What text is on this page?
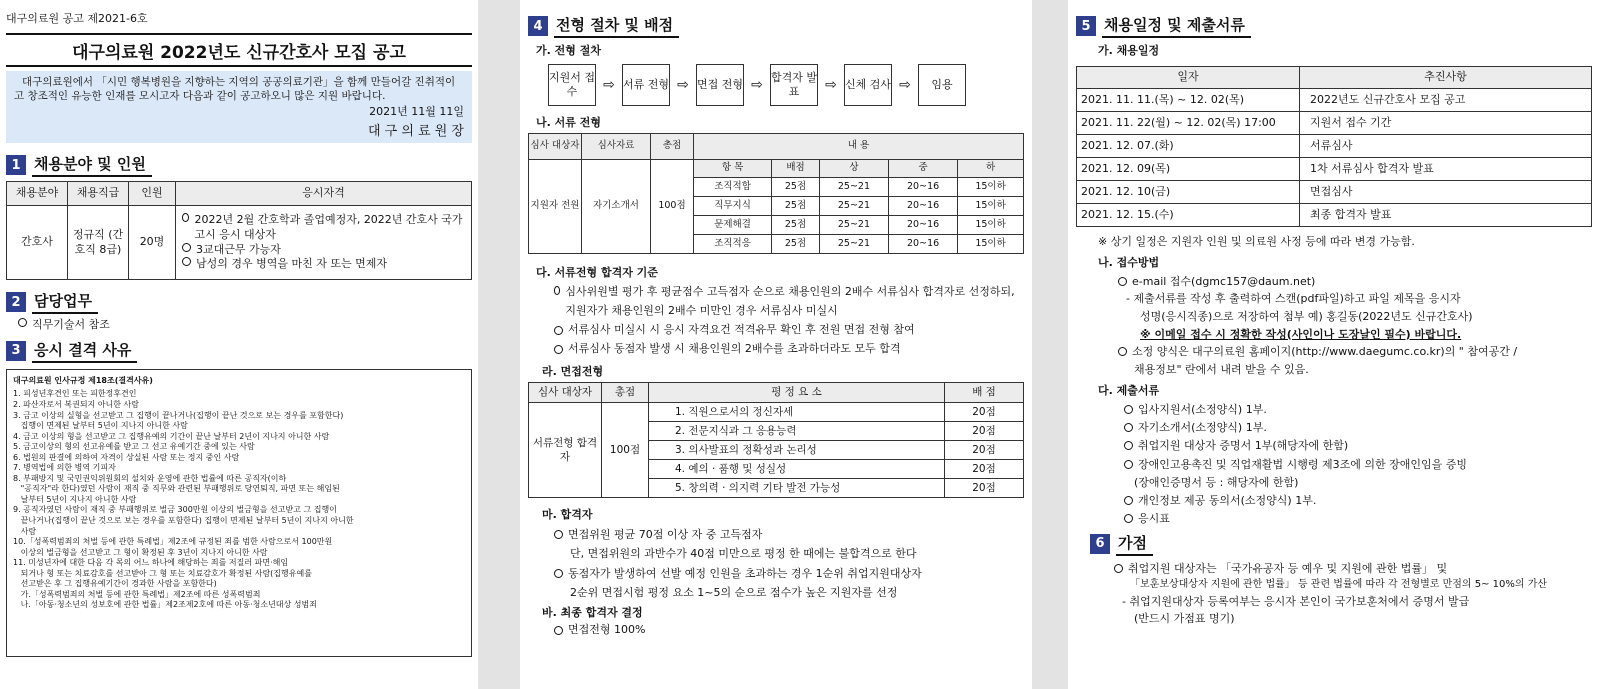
대구의료원 공고 제2021-6호
대구의료원 2022년도 신규간호사 모집 공고
대구의료원에서 「시민 행복병원을 지향하는 지역의 공공의료기관」을 함께 만들어갈 진취적이고 창조적인 유능한 인재를 모시고자 다음과 같이 공고하오니 많은 지원 바랍니다.
2021년 11월 11일
대 구 의 료 원 장
1 채용분야 및 인원
채용분야	채용직급	인원	응시자격
간호사	정규직 (간호직 8급)	20명	2022년 2월 간호학과 졸업예정자, 2022년 간호사 국가고시 응시 대상자
3교대근무 가능자
남성의 경우 병역을 마친 자 또는 면제자
2 담당업무
직무기술서 참조
3 응시 결격 사유
대구의료원 인사규정 제18조(결격사유)
1. 피성년후견인 또는 피한정후견인
2. 파산자로서 복권되지 아니한 사람
3. 금고 이상의 실형을 선고받고 그 집행이 끝나거나(집행이 끝난 것으로 보는 경우를 포함한다)
집행이 면제된 날부터 5년이 지나지 아니한 사람
4. 금고 이상의 형을 선고받고 그 집행유예의 기간이 끝난 날부터 2년이 지나지 아니한 사람
5. 금고이상의 형의 선고유예를 받고 그 선고 유예기간 중에 있는 사람
6. 법원의 판결에 의하여 자격이 상실된 사람 또는 정지 중인 사람
7. 병역법에 의한 병역 기피자
8. 부패방지 및 국민권익위원회의 설치와 운영에 관한 법률에 따른 공직자(이하
"공직자"라 한다)였던 사람이 재직 중 직무와 관련된 부패행위로 당연퇴직, 파면 또는 해임된
날부터 5년이 지나지 아니한 사람
9. 공직자였던 사람이 재직 중 부패행위로 벌금 300만원 이상의 벌금형을 선고받고 그 집행이
끝나거나(집행이 끝난 것으로 보는 경우를 포함한다) 집행이 면제된 날부터 5년이 지나지 아니한
사람
10.「성폭력범죄의 처벌 등에 관한 특례법」제2조에 규정된 죄를 범한 사람으로서 100만원
이상의 벌금형을 선고받고 그 형이 확정된 후 3년이 지나지 아니한 사람
11. 미성년자에 대한 다음 각 목의 어느 하나에 해당하는 죄를 저질러 파면·해임
되거나 형 또는 치료감호를 선고받아 그 형 또는 치료감호가 확정된 사람(집행유예를
선고받은 후 그 집행유예기간이 경과한 사람을 포함한다)
가.「성폭력범죄의 처벌 등에 관한 특례법」제2조에 따른 성폭력범죄
나.「아동·청소년의 성보호에 관한 법률」제2조제2호에 따른 아동·청소년대상 성범죄
4 전형 절차 및 배점
가. 전형 절차
지원서 접수	⇨ 서류 전형 ⇨ 면접 전형 ⇨ 합격자 발표	⇨ 신체 검사 ⇨	임용
나. 서류 전형
심사 대상자	심사자료	총점	내 용				
지원자 전원	자기소개서	100점	항 목	배점	상	중	하
			조직적합	25점	25~21	20~16	15이하
			직무지식	25점	25~21	20~16	15이하
			문제해결	25점	25~21	20~16	15이하
			조직적응	25점	25~21	20~16	15이하
다. 서류전형 합격자 기준
심사위원별 평가 후 평균점수 고득점자 순으로 채용인원의 2배수 서류심사 합격자로 선정하되, 지원자가 채용인원의 2배수 미만인 경우 서류심사 미실시
서류심사 미실시 시 응시 자격요건 적격유무 확인 후 전원 면접 전형 참여
서류심사 동점자 발생 시 채용인원의 2배수를 초과하더라도 모두 합격
라. 면접전형
심사 대상자	총점	평 정 요 소	배 점
서류전형 합격자	100점	1. 직원으로서의 정신자세	20점
		2. 전문지식과 그 응용능력	20점
		3. 의사발표의 정확성과 논리성	20점
		4. 예의 · 품행 및 성실성	20점
		5. 창의력 · 의지력 기타 발전 가능성	20점
마. 합격자
면접위원 평균 70점 이상 자 중 고득점자
단, 면접위원의 과반수가 40점 미만으로 평정 한 때에는 불합격으로 한다
동점자가 발생하여 선발 예정 인원을 초과하는 경우 1순위 취업지원대상자
2순위 면접시험 평정 요소 1~5의 순으로 점수가 높은 지원자를 선정
바. 최종 합격자 결정
면접전형 100%
5 채용일정 및 제출서류
가. 채용일정
일자	추진사항
2021. 11. 11.(목) ~ 12. 02(목)	2022년도 신규간호사 모집 공고
2021. 11. 22(월) ~ 12. 02(목) 17:00	지원서 접수 기간
2021. 12. 07.(화)	서류심사
2021. 12. 09(목)	1차 서류심사 합격자 발표
2021. 12. 10(금)	면접심사
2021. 12. 15.(수)	최종 합격자 발표
※ 상기 일정은 지원자 인원 및 의료원 사정 등에 따라 변경 가능함.
나. 접수방법
e-mail 접수(dgmc157@daum.net)
- 제출서류를 작성 후 출력하여 스캔(pdf파일)하고 파일 제목을 응시자
성명(응시직종)으로 저장하여 첨부 예) 홍길동(2022년도 신규간호사)
※ 이메일 접수 시 정확한 작성(사인이나 도장날인 필수) 바랍니다.
소정 양식은 대구의료원 홈페이지(http://www.daegumc.co.kr)의 " 참여공간 /
채용정보" 란에서 내려 받을 수 있음.
다. 제출서류
입사지원서(소정양식) 1부.
자기소개서(소정양식) 1부.
취업지원 대상자 증명서 1부(해당자에 한함)
장애인고용촉진 및 직업재활법 시행령 제3조에 의한 장애인임을 증빙
(장애인증명서 등 : 해당자에 한함)
개인정보 제공 동의서(소정양식) 1부.
응시표
6 가점
취업지원 대상자는 「국가유공자 등 예우 및 지원에 관한 법률」 및
「보훈보상대상자 지원에 관한 법률」 등 관련 법률에 따라 각 전형별로 만점의 5~ 10%의 가산
- 취업지원대상자 등록여부는 응시자 본인이 국가보훈처에서 증명서 발급
(반드시 가점표 명기)
